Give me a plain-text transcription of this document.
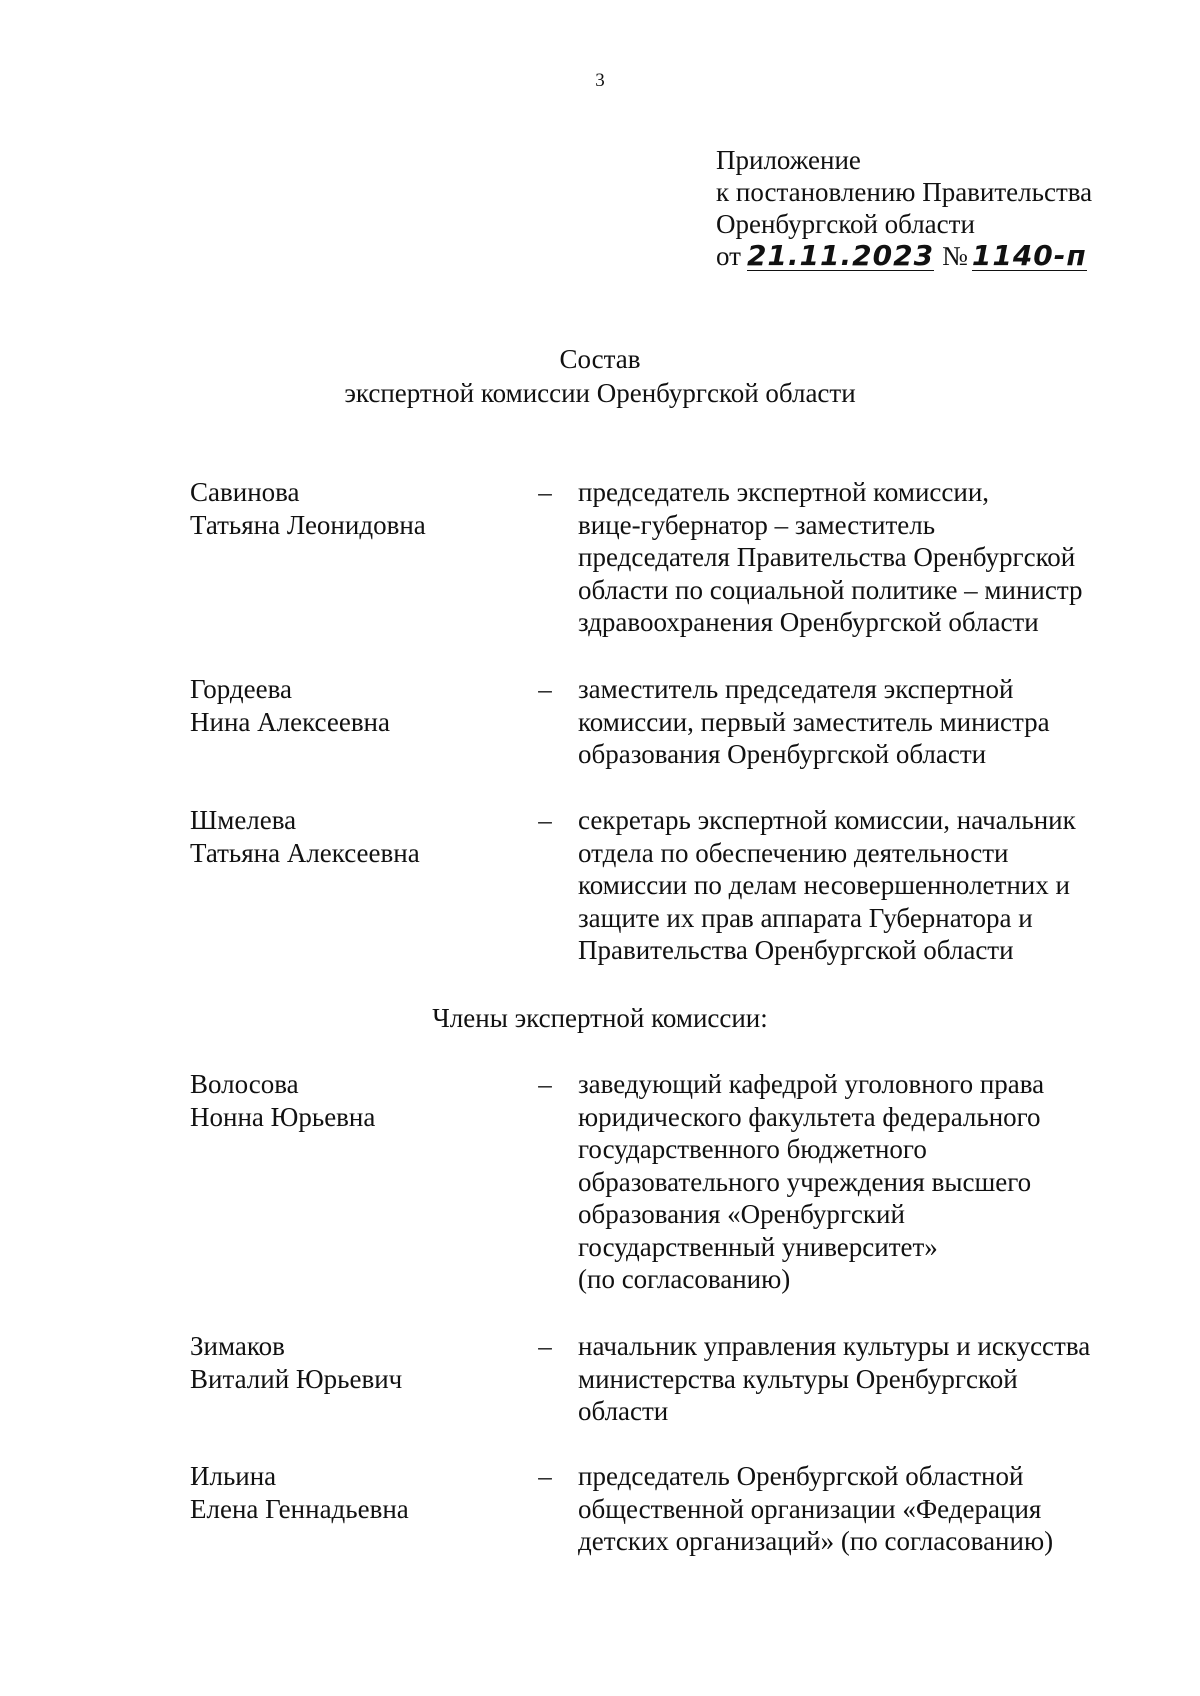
3
Приложение
к постановлению Правительства
Оренбургской области
от 21.11.2023 № 1140-п
Состав
экспертной комиссии Оренбургской области
Савинова
Татьяна Леонидовна
– председатель экспертной комиссии,
вице-губернатор – заместитель
председателя Правительства Оренбургской
области по социальной политике – министр
здравоохранения Оренбургской области
Гордеева
Нина Алексеевна
– заместитель председателя экспертной
комиссии, первый заместитель министра
образования Оренбургской области
Шмелева
Татьяна Алексеевна
– секретарь экспертной комиссии, начальник
отдела по обеспечению деятельности
комиссии по делам несовершеннолетних и
защите их прав аппарата Губернатора и
Правительства Оренбургской области
Члены экспертной комиссии:
Волосова
Нонна Юрьевна
– заведующий кафедрой уголовного права
юридического факультета федерального
государственного бюджетного
образовательного учреждения высшего
образования «Оренбургский
государственный университет»
(по согласованию)
Зимаков
Виталий Юрьевич
– начальник управления культуры и искусства
министерства культуры Оренбургской
области
Ильина
Елена Геннадьевна
– председатель Оренбургской областной
общественной организации «Федерация
детских организаций» (по согласованию)
